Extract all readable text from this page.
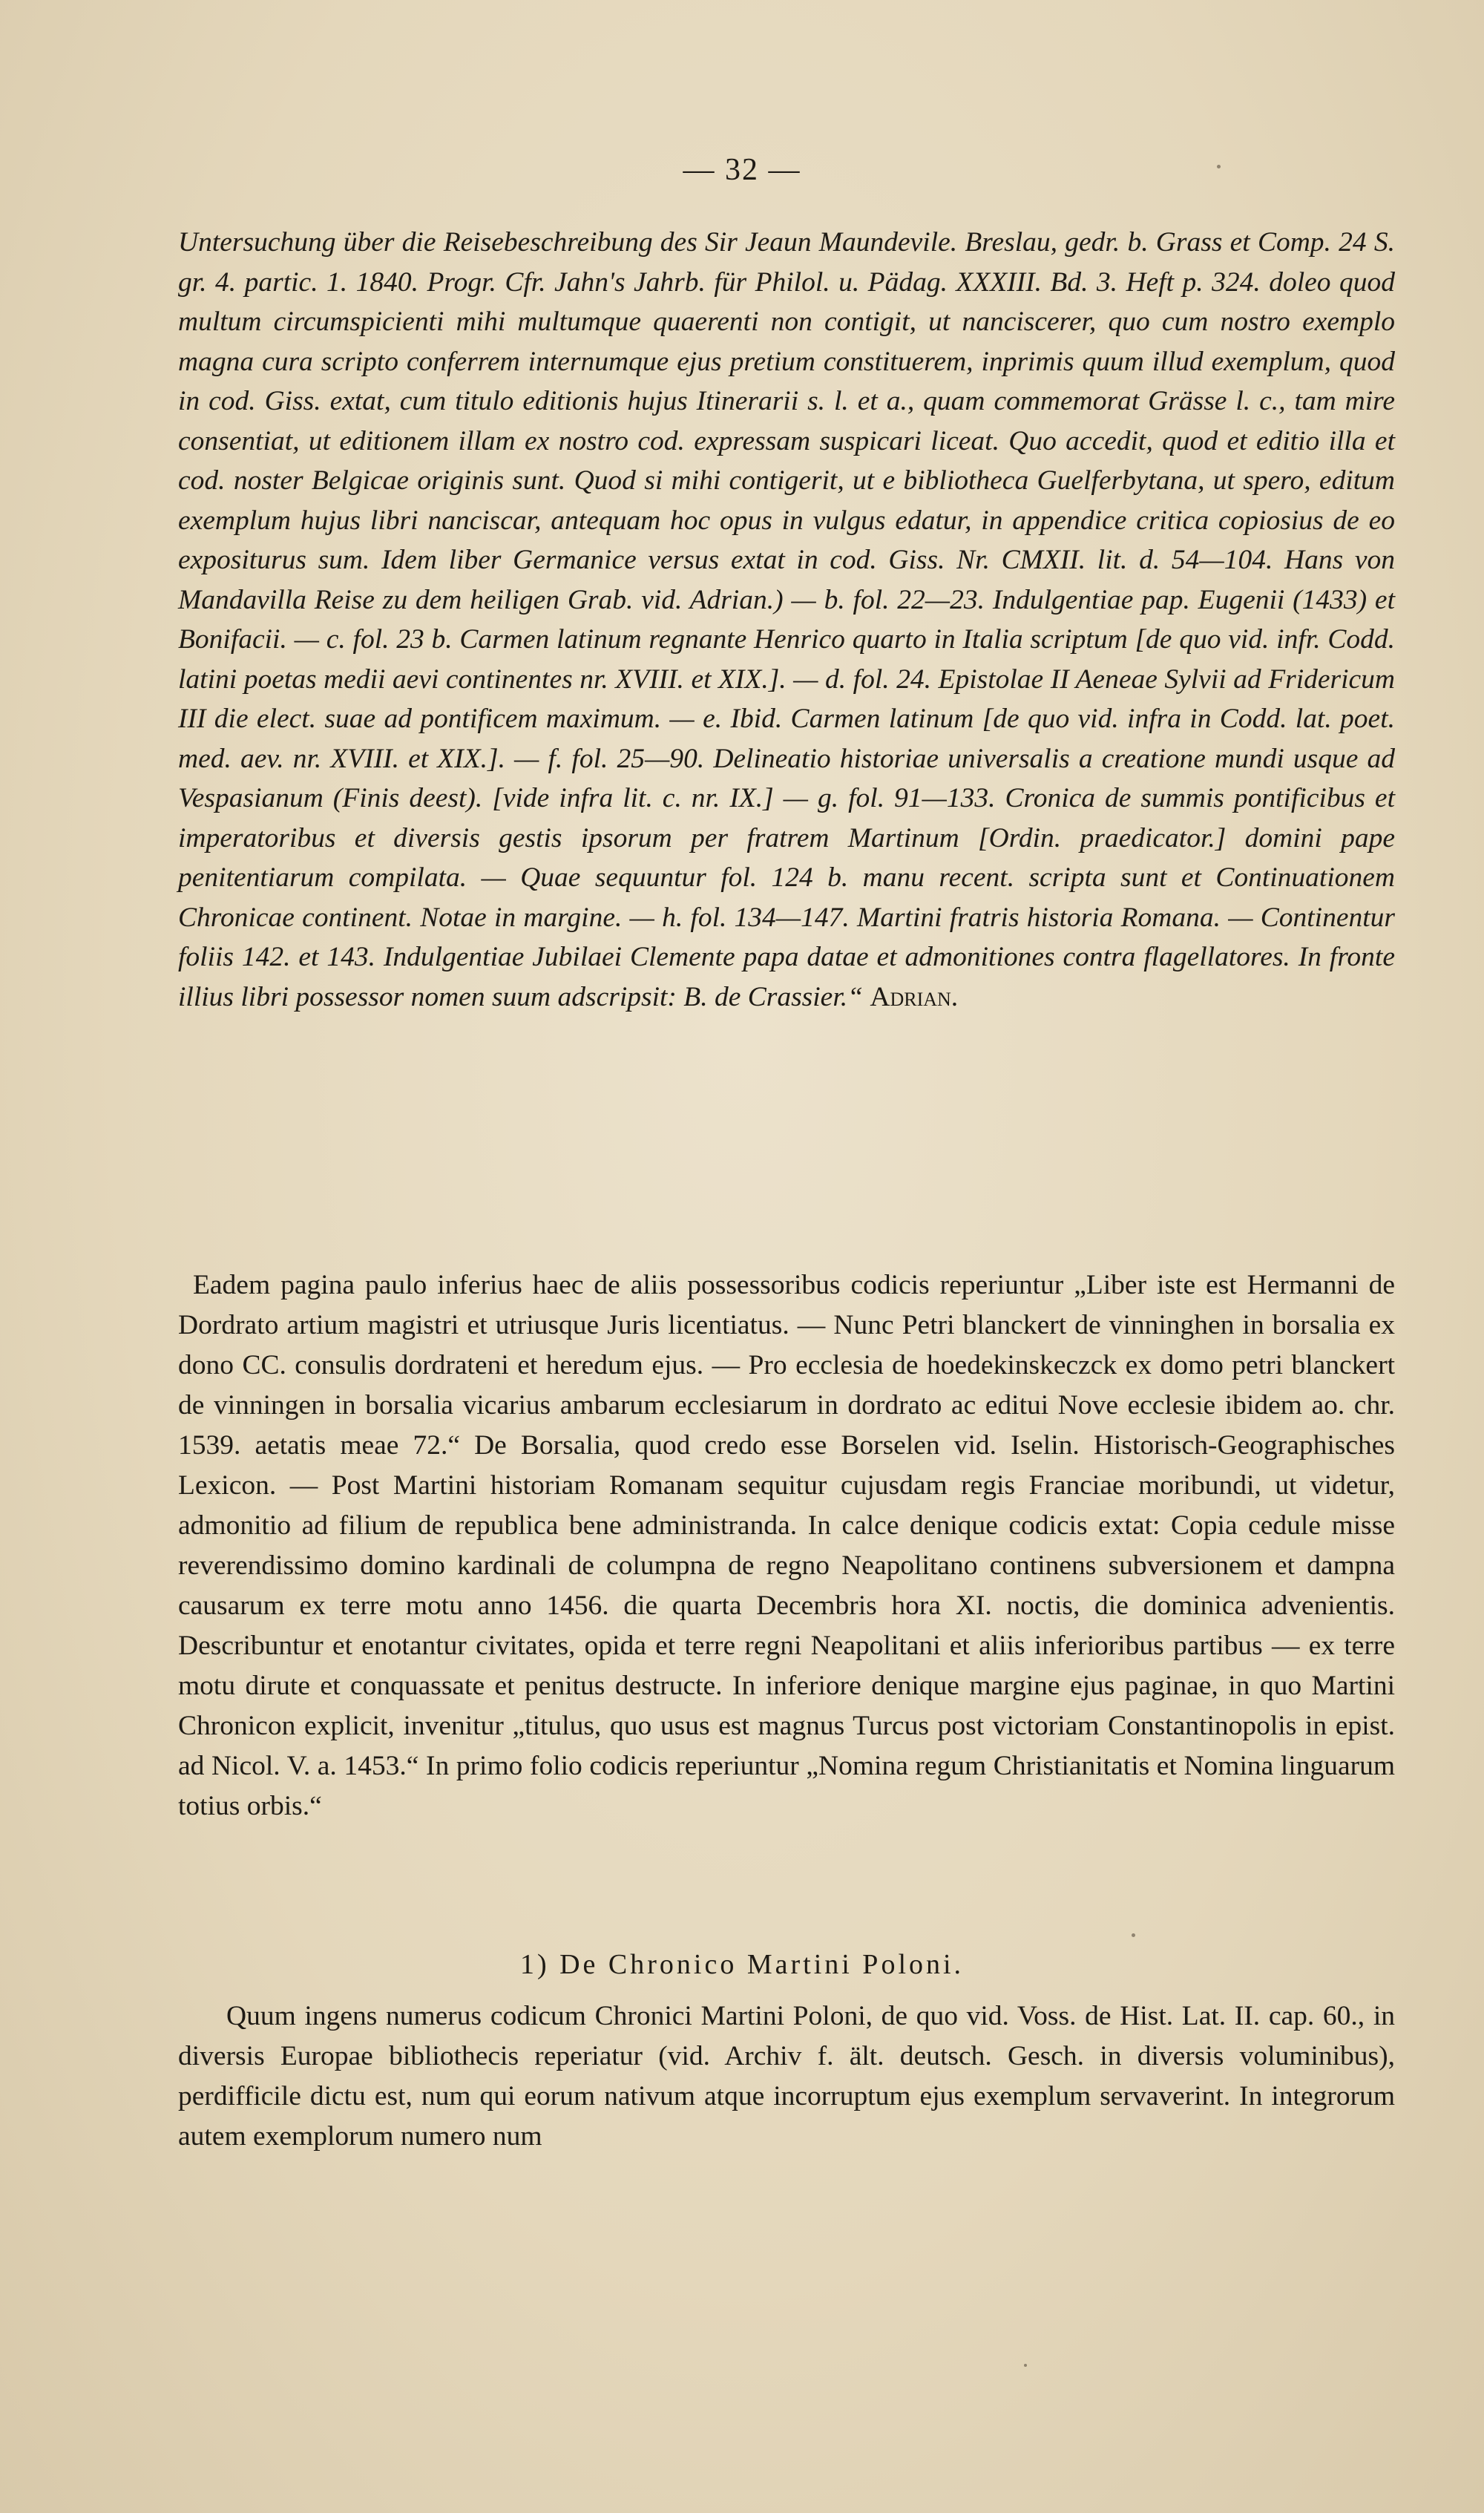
— 32 —

Untersuchung über die Reisebeschreibung des Sir Jeaun Maundevile. Breslau, gedr. b. Grass et Comp. 24 S. gr. 4. partic. 1. 1840. Progr. Cfr. Jahn's Jahrb. für Philol. u. Pädag. XXXIII. Bd. 3. Heft p. 324. doleo quod multum circumspicienti mihi multumque quaerenti non contigit, ut nanciscerer, quo cum nostro exemplo magna cura scripto conferrem internumque ejus pretium constituerem, inprimis quum illud exemplum, quod in cod. Giss. extat, cum titulo editionis hujus Itinerarii s. l. et a., quam commemorat Grässe l. c., tam mire consentiat, ut editionem illam ex nostro cod. expressam suspicari liceat. Quo accedit, quod et editio illa et cod. noster Belgicae originis sunt. Quod si mihi contigerit, ut e bibliotheca Guelferbytana, ut spero, editum exemplum hujus libri nanciscar, antequam hoc opus in vulgus edatur, in appendice critica copiosius de eo expositurus sum. Idem liber Germanice versus extat in cod. Giss. Nr. CMXII. lit. d. 54—104. Hans von Mandavilla Reise zu dem heiligen Grab. vid. Adrian.) — b. fol. 22—23. Indulgentiae pap. Eugenii (1433) et Bonifacii. — c. fol. 23 b. Carmen latinum regnante Henrico quarto in Italia scriptum [de quo vid. infr. Codd. latini poetas medii aevi continentes nr. XVIII. et XIX.]. — d. fol. 24. Epistolae II Aeneae Sylvii ad Fridericum III die elect. suae ad pontificem maximum. — e. Ibid. Carmen latinum [de quo vid. infra in Codd. lat. poet. med. aev. nr. XVIII. et XIX.]. — f. fol. 25—90. Delineatio historiae universalis a creatione mundi usque ad Vespasianum (Finis deest). [vide infra lit. c. nr. IX.] — g. fol. 91—133. Cronica de summis pontificibus et imperatoribus et diversis gestis ipsorum per fratrem Martinum [Ordin. praedicator.] domini pape penitentiarum compilata. — Quae sequuntur fol. 124 b. manu recent. scripta sunt et Continuationem Chronicae continent. Notae in margine. — h. fol. 134—147. Martini fratris historia Romana. — Continentur foliis 142. et 143. Indulgentiae Jubilaei Clemente papa datae et admonitiones contra flagellatores. In fronte illius libri possessor nomen suum adscripsit: B. de Crassier.“ Adrian.

Eadem pagina paulo inferius haec de aliis possessoribus codicis reperiuntur „Liber iste est Hermanni de Dordrato artium magistri et utriusque Juris licentiatus. — Nunc Petri blanckert de vinninghen in borsalia ex dono CC. consulis dordrateni et heredum ejus. — Pro ecclesia de hoedekinskeczck ex domo petri blanckert de vinningen in borsalia vicarius ambarum ecclesiarum in dordrato ac editui Nove ecclesie ibidem ao. chr. 1539. aetatis meae 72.“ De Borsalia, quod credo esse Borselen vid. Iselin. Historisch-Geographisches Lexicon. — Post Martini historiam Romanam sequitur cujusdam regis Franciae moribundi, ut videtur, admonitio ad filium de republica bene administranda. In calce denique codicis extat: Copia cedule misse reverendissimo domino kardinali de columpna de regno Neapolitano continens subversionem et dampna causarum ex terre motu anno 1456. die quarta Decembris hora XI. noctis, die dominica advenientis. Describuntur et enotantur civitates, opida et terre regni Neapolitani et aliis inferioribus partibus — ex terre motu dirute et conquassate et penitus destructe. In inferiore denique margine ejus paginae, in quo Martini Chronicon explicit, invenitur „titulus, quo usus est magnus Turcus post victoriam Constantinopolis in epist. ad Nicol. V. a. 1453.“ In primo folio codicis reperiuntur „Nomina regum Christianitatis et Nomina linguarum totius orbis.“

1) De Chronico Martini Poloni.

Quum ingens numerus codicum Chronici Martini Poloni, de quo vid. Voss. de Hist. Lat. II. cap. 60., in diversis Europae bibliothecis reperiatur (vid. Archiv f. ält. deutsch. Gesch. in diversis voluminibus), perdifficile dictu est, num qui eorum nativum atque incorruptum ejus exemplum servaverint. In integrorum autem exemplorum numero num
